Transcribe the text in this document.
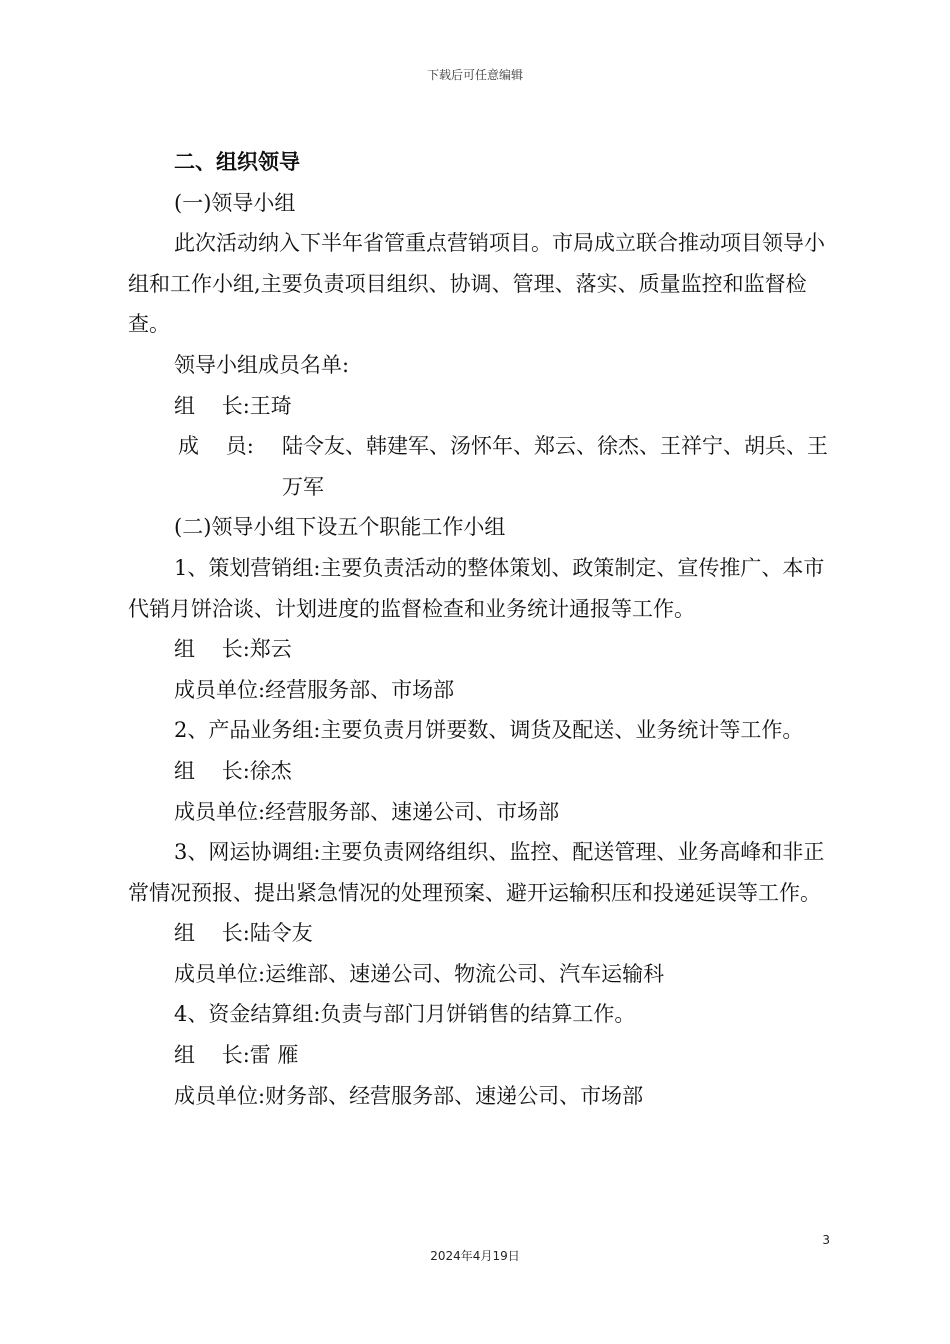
下载后可任意编辑

二、组织领导

(一)领导小组

此次活动纳入下半年省管重点营销项目。市局成立联合推动项目领导小组和工作小组,主要负责项目组织、协调、管理、落实、质量监控和监督检查。

领导小组成员名单:

组    长:王琦

成    员: 陆令友、韩建军、汤怀年、郑云、徐杰、王祥宁、胡兵、王万军

(二)领导小组下设五个职能工作小组

1、策划营销组:主要负责活动的整体策划、政策制定、宣传推广、本市代销月饼洽谈、计划进度的监督检查和业务统计通报等工作。

组    长:郑云

成员单位:经营服务部、市场部

2、产品业务组:主要负责月饼要数、调货及配送、业务统计等工作。

组    长:徐杰

成员单位:经营服务部、速递公司、市场部

3、网运协调组:主要负责网络组织、监控、配送管理、业务高峰和非正常情况预报、提出紧急情况的处理预案、避开运输积压和投递延误等工作。

组    长:陆令友

成员单位:运维部、速递公司、物流公司、汽车运输科

4、资金结算组:负责与部门月饼销售的结算工作。

组    长:雷 雁

成员单位:财务部、经营服务部、速递公司、市场部

3
2024年4月19日
